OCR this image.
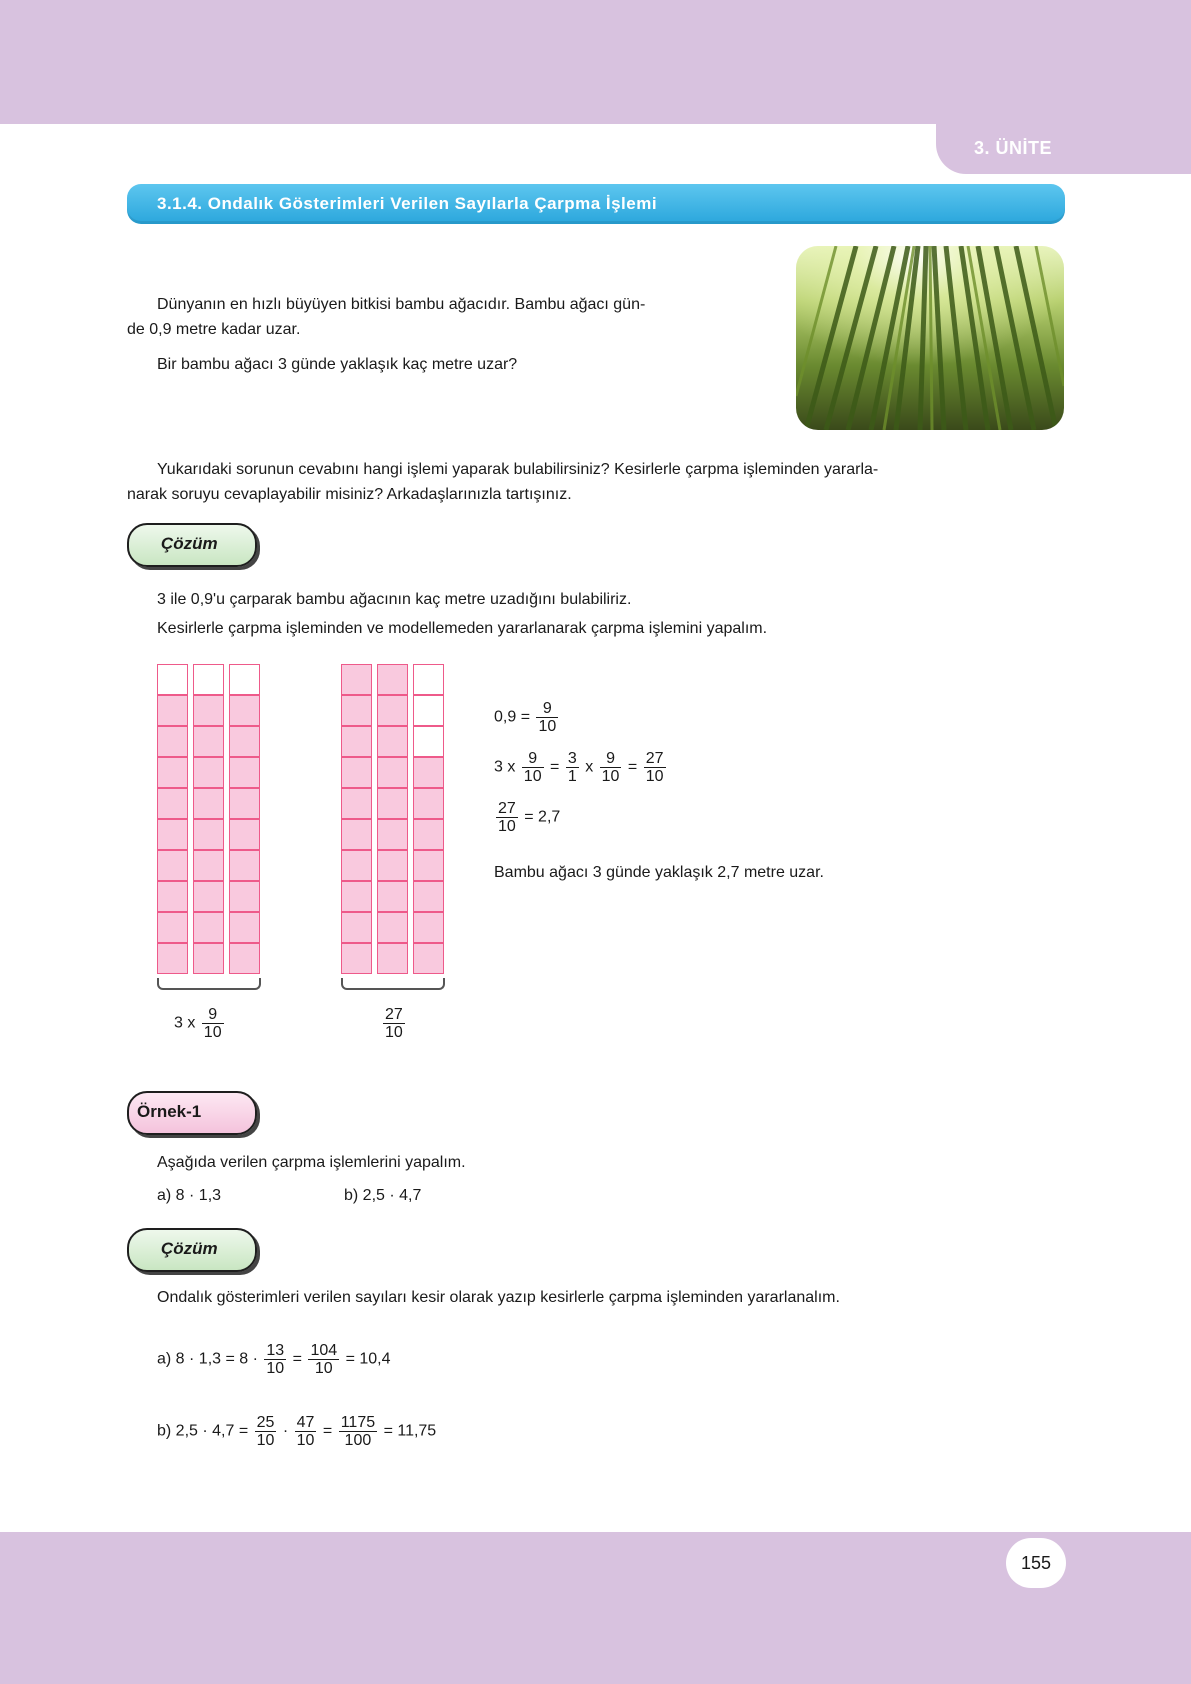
3. ÜNİTE
3.1.4. Ondalık Gösterimleri Verilen Sayılarla Çarpma İşlemi

Dünyanın en hızlı büyüyen bitkisi bambu ağacıdır. Bambu ağacı gün-

de 0,9 metre kadar uzar.

Bir bambu ağacı 3 günde yaklaşık kaç metre uzar?

Yukarıdaki sorunun cevabını hangi işlemi yaparak bulabilirsiniz? Kesirlerle çarpma işleminden yararla-

narak soruyu cevaplayabilir misiniz? Arkadaşlarınızla tartışınız.

Çözüm

3 ile 0,9'u çarparak bambu ağacının kaç metre uzadığını bulabiliriz.

Kesirlerle çarpma işleminden ve modellemeden yararlanarak çarpma işlemini yapalım.

3 x $\frac{9}{10}$	$\frac{27}{10}$
$0,9 = \frac{9}{10}$
3 x $\frac{9}{10} = \frac{3}{1}$ x $\frac{9}{10} = \frac{27}{10}$
$\frac{27}{10} = 2,7$

Bambu ağacı 3 günde yaklaşık 2,7 metre uzar.

Örnek-1

Aşağıda verilen çarpma işlemlerini yapalım.

a) 8 · 1,3	b) 2,5 · 4,7

Çözüm

Ondalık gösterimleri verilen sayıları kesir olarak yazıp kesirlerle çarpma işleminden yararlanalım.

a) $8 \cdot 1,3 = 8 \cdot \frac{13}{10} = \frac{104}{10} = 10,4$
b) $2,5 \cdot 4,7 = \frac{25}{10} \cdot \frac{47}{10} = \frac{1175}{100} = 11,75$
155
